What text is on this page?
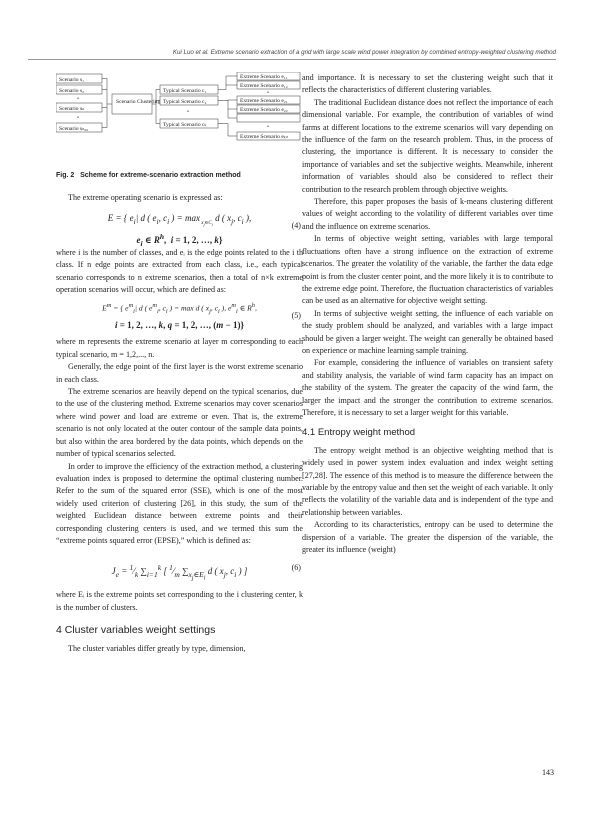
Kui Luo et al. Extreme scenario extraction of a grid with large scale wind power integration by combined entropy-weighted clustering method
Scenario s₁
Scenario s₂
•
Scenario sₙ
•
Scenario sₙ₀₀
Scenario Clustering
Typical Scenario c₁
Typical Scenario c₂
•
Typical Scenario cₖ
Extreme Scenario e₁₁
Extreme Scenario e₁₂
•
Extreme Scenario e₂₁
Extreme Scenario e₂₂
•
Extreme Scenario eₖₙ
Fig. 2 Scheme for extreme-scenario extraction method

The extreme operating scenario is expressed as:

E = { $e_i|$ d ( $e_i$, $c_i$ ) = max $_{x_j\in C_i}$ d ( $x_j$, $c_i$ ),
$e_i$ ∈ $R^h$,  i = 1, 2, …, k}
(4)

where i is the number of classes, and eᵢ is the edge points related to the i th class. If n edge points are extracted from each class, i.e., each typical scenario corresponds to n extreme scenarios, then a total of n×k extreme operation scenarios will occur, which are defined as:

$E^m$ = { $e^m_i|$ d ( $e^m_i$, $c_i$ ) = max d ( $x_j$, $c_i$ ), $e^m_i$ ∈ $R^h$,
i = 1, 2, …, k, q = 1, 2, …, (m − 1)}
(5)

where m represents the extreme scenario at layer m corresponding to each typical scenario, m = 1,2,..., n.

Generally, the edge point of the first layer is the worst extreme scenario in each class.

The extreme scenarios are heavily depend on the typical scenarios, due to the use of the clustering method. Extreme scenarios may cover scenarios where wind power and load are extreme or even. That is, the extreme scenario is not only located at the outer contour of the sample data points, but also within the area bordered by the data points, which depends on the number of typical scenarios selected.

In order to improve the efficiency of the extraction method, a clustering evaluation index is proposed to determine the optimal clustering number. Refer to the sum of the squared error (SSE), which is one of the most widely used criterion of clustering [26], in this study, the sum of the weighted Euclidean distance between extreme points and their corresponding clustering centers is used, and we termed this sum the “extreme points squared error (EPSE),” which is defined as:

$J_e$ = $^1⁄_k$ $\sum_{i=1}^k$ [ $^1⁄_m$ $\sum_{x_j\in E_i}$ d ( $x_j$, $c_i$ ) ]	(6)

where Eᵢ is the extreme points set corresponding to the i clustering center, k is the number of clusters.

4 Cluster variables weight settings

The cluster variables differ greatly by type, dimension,

and importance. It is necessary to set the clustering weight such that it reflects the characteristics of different clustering variables.

The traditional Euclidean distance does not reflect the importance of each dimensional variable. For example, the contribution of variables of wind farms at different locations to the extreme scenarios will vary depending on the influence of the farm on the research problem. Thus, in the process of clustering, the importance is different. It is necessary to consider the importance of variables and set the subjective weights. Meanwhile, inherent information of variables should also be considered to reflect their contribution to the research problem through objective weights.

Therefore, this paper proposes the basis of k-means clustering different values of weight according to the volatility of different variables over time and the influence on extreme scenarios.

In terms of objective weight setting, variables with large temporal fluctuations often have a strong influence on the extraction of extreme scenarios. The greater the volatility of the variable, the farther the data edge point is from the cluster center point, and the more likely it is to contribute to the extreme edge point. Therefore, the fluctuation characteristics of variables can be used as an alternative for objective weight setting.

In terms of subjective weight setting, the influence of each variable on the study problem should be analyzed, and variables with a large impact should be given a larger weight. The weight can generally be obtained based on experience or machine learning sample training.

For example, considering the influence of variables on transient safety and stability analysis, the variable of wind farm capacity has an impact on the stability of the system. The greater the capacity of the wind farm, the larger the impact and the stronger the contribution to extreme scenarios. Therefore, it is necessary to set a larger weight for this variable.

4.1 Entropy weight method

The entropy weight method is an objective weighting method that is widely used in power system index evaluation and index weight setting [27,28]. The essence of this method is to measure the difference between the variable by the entropy value and then set the weight of each variable. It only reflects the volatility of the variable data and is independent of the type and relationship between variables.

According to its characteristics, entropy can be used to determine the dispersion of a variable. The greater the dispersion of the variable, the greater its influence (weight)

143
